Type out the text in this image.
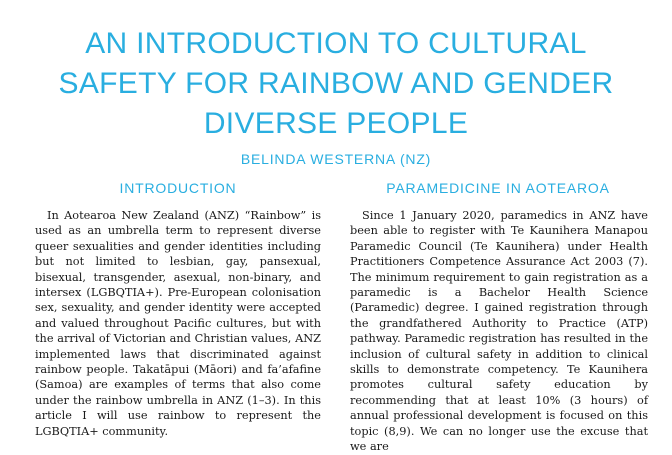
AN INTRODUCTION TO CULTURAL
SAFETY FOR RAINBOW AND GENDER
DIVERSE PEOPLE
BELINDA WESTERNA (NZ)
INTRODUCTION	PARAMEDICINE IN AOTEAROA

In Aotearoa New Zealand (ANZ) “Rainbow” is used as an umbrella term to represent diverse queer sexualities and gender identities including but not limited to lesbian, gay, pansexual, bisexual, transgender, asexual, non-binary, and intersex (LGBQTIA+). Pre-European colonisation sex, sexuality, and gender identity were accepted and valued throughout Pacific cultures, but with the arrival of Victorian and Christian values, ANZ implemented laws that discriminated against rainbow people. Takatāpui (Māori) and fa’afafine (Samoa) are examples of terms that also come under the rainbow umbrella in ANZ (1–3). In this article I will use rainbow to represent the LGBQTIA+ community.

Since 1 January 2020, paramedics in ANZ have been able to register with Te Kaunihera Manapou Paramedic Council (Te Kaunihera) under Health Practitioners Competence Assurance Act 2003 (7). The minimum requirement to gain registration as a paramedic is a Bachelor Health Science (Paramedic) degree. I gained registration through the grandfathered Authority to Practice (ATP) pathway. Paramedic registration has resulted in the inclusion of cultural safety in addition to clinical skills to demonstrate competency. Te Kaunihera promotes cultural safety education by recommending that at least 10% (3 hours) of annual professional development is focused on this topic (8,9). We can no longer use the excuse that we are
